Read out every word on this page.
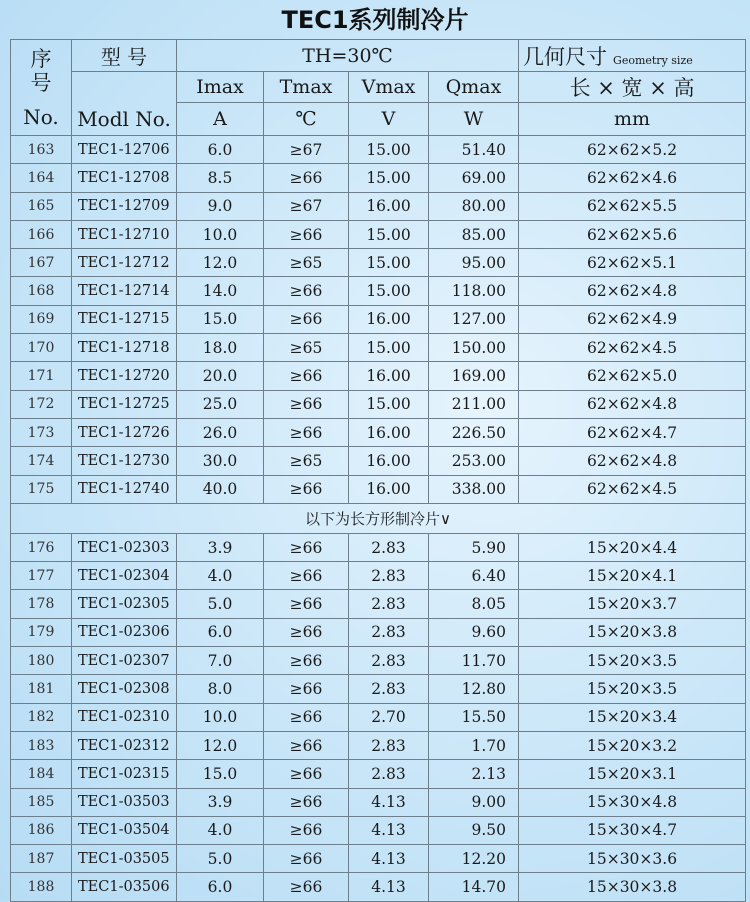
TEC1系列制冷片
序号
No.	型 号	TH=30℃				几何尺寸 Geometry size
	Modl No.	Imax	Tmax	Vmax	Qmax	长 × 宽 × 高
		A	℃	V	W	mm
163	TEC1-12706	6.0	≥67	15.00	51.40	62×62×5.2
164	TEC1-12708	8.5	≥66	15.00	69.00	62×62×4.6
165	TEC1-12709	9.0	≥67	16.00	80.00	62×62×5.5
166	TEC1-12710	10.0	≥66	15.00	85.00	62×62×5.6
167	TEC1-12712	12.0	≥65	15.00	95.00	62×62×5.1
168	TEC1-12714	14.0	≥66	15.00	118.00	62×62×4.8
169	TEC1-12715	15.0	≥66	16.00	127.00	62×62×4.9
170	TEC1-12718	18.0	≥65	15.00	150.00	62×62×4.5
171	TEC1-12720	20.0	≥66	16.00	169.00	62×62×5.0
172	TEC1-12725	25.0	≥66	15.00	211.00	62×62×4.8
173	TEC1-12726	26.0	≥66	16.00	226.50	62×62×4.7
174	TEC1-12730	30.0	≥65	16.00	253.00	62×62×4.8
175	TEC1-12740	40.0	≥66	16.00	338.00	62×62×4.5
以下为长方形制冷片∨						
176	TEC1-02303	3.9	≥66	2.83	5.90	15×20×4.4
177	TEC1-02304	4.0	≥66	2.83	6.40	15×20×4.1
178	TEC1-02305	5.0	≥66	2.83	8.05	15×20×3.7
179	TEC1-02306	6.0	≥66	2.83	9.60	15×20×3.8
180	TEC1-02307	7.0	≥66	2.83	11.70	15×20×3.5
181	TEC1-02308	8.0	≥66	2.83	12.80	15×20×3.5
182	TEC1-02310	10.0	≥66	2.70	15.50	15×20×3.4
183	TEC1-02312	12.0	≥66	2.83	1.70	15×20×3.2
184	TEC1-02315	15.0	≥66	2.83	2.13	15×20×3.1
185	TEC1-03503	3.9	≥66	4.13	9.00	15×30×4.8
186	TEC1-03504	4.0	≥66	4.13	9.50	15×30×4.7
187	TEC1-03505	5.0	≥66	4.13	12.20	15×30×3.6
188	TEC1-03506	6.0	≥66	4.13	14.70	15×30×3.8
